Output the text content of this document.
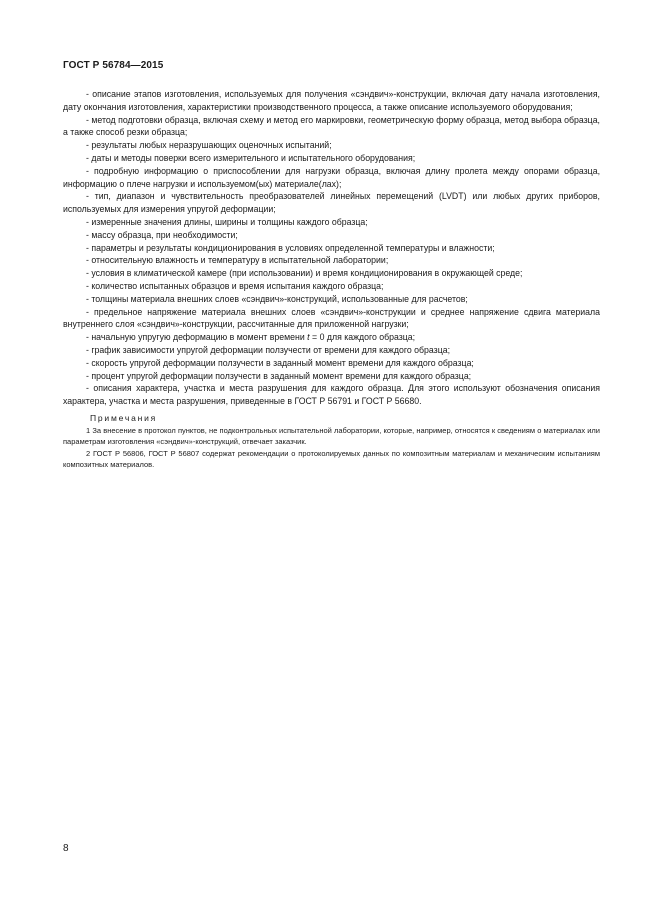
ГОСТ Р 56784—2015

- описание этапов изготовления, используемых для получения «сэндвич»-конструкции, включая дату начала изготовления, дату окончания изготовления, характеристики производственного процесса, а также описание используемого оборудования;

- метод подготовки образца, включая схему и метод его маркировки, геометрическую форму образца, метод выбора образца, а также способ резки образца;

- результаты любых неразрушающих оценочных испытаний;

- даты и методы поверки всего измерительного и испытательного оборудования;

- подробную информацию о приспособлении для нагрузки образца, включая длину пролета между опорами образца, информацию о плече нагрузки и используемом(ых) материале(лах);

- тип, диапазон и чувствительность преобразователей линейных перемещений (LVDT) или любых других приборов, используемых для измерения упругой деформации;

- измеренные значения длины, ширины и толщины каждого образца;

- массу образца, при необходимости;

- параметры и результаты кондиционирования в условиях определенной температуры и влажности;

- относительную влажность и температуру в испытательной лаборатории;

- условия в климатической камере (при использовании) и время кондиционирования в окружающей среде;

- количество испытанных образцов и время испытания каждого образца;

- толщины материала внешних слоев «сэндвич»-конструкций, использованные для расчетов;

- предельное напряжение материала внешних слоев «сэндвич»-конструкции и среднее напряжение сдвига материала внутреннего слоя «сэндвич»-конструкции, рассчитанные для приложенной нагрузки;

- начальную упругую деформацию в момент времени t = 0 для каждого образца;

- график зависимости упругой деформации ползучести от времени для каждого образца;

- скорость упругой деформации ползучести в заданный момент времени для каждого образца;

- процент упругой деформации ползучести в заданный момент времени для каждого образца;

- описания характера, участка и места разрушения для каждого образца. Для этого используют обозначения описания характера, участка и места разрушения, приведенные в ГОСТ Р 56791 и ГОСТ Р 56680.

Примечания

1 За внесение в протокол пунктов, не подконтрольных испытательной лаборатории, которые, например, относятся к сведениям о материалах или параметрам изготовления «сэндвич»-конструкций, отвечает заказчик.

2 ГОСТ Р 56806, ГОСТ Р 56807 содержат рекомендации о протоколируемых данных по композитным материалам и механическим испытаниям композитных материалов.

8
